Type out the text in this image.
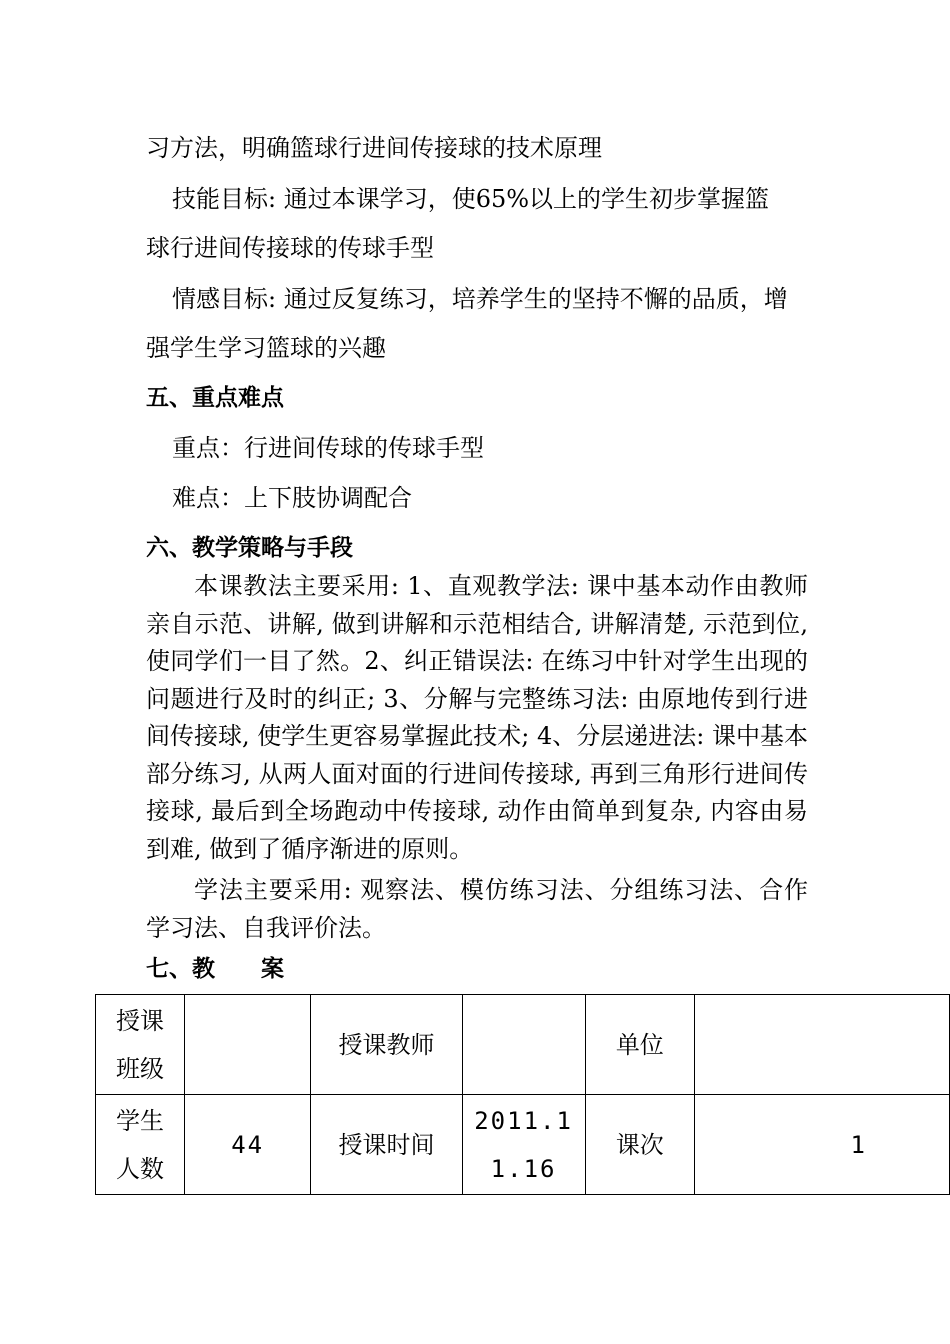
习方法，明确篮球行进间传接球的技术原理
技能目标: 通过本课学习，使65%以上的学生初步掌握篮
球行进间传接球的传球手型
情感目标: 通过反复练习，培养学生的坚持不懈的品质，增
强学生学习篮球的兴趣
五、重点难点
重点：行进间传球的传球手型
难点：上下肢协调配合
六、教学策略与手段
本课教法主要采用: 1、直观教学法: 课中基本动作由教师亲自示范、讲解, 做到讲解和示范相结合, 讲解清楚, 示范到位, 使同学们一目了然。2、纠正错误法: 在练习中针对学生出现的问题进行及时的纠正; 3、分解与完整练习法: 由原地传到行进间传接球, 使学生更容易掌握此技术; 4、分层递进法: 课中基本部分练习, 从两人面对面的行进间传接球, 再到三角形行进间传接球, 最后到全场跑动中传接球, 动作由简单到复杂, 内容由易到难, 做到了循序渐进的原则。
学法主要采用: 观察法、模仿练习法、分组练习法、合作学习法、自我评价法。
七、教　　案
授课班级		授课教师		单位	
学生人数	44	授课时间	2011.11.16	课次	1
